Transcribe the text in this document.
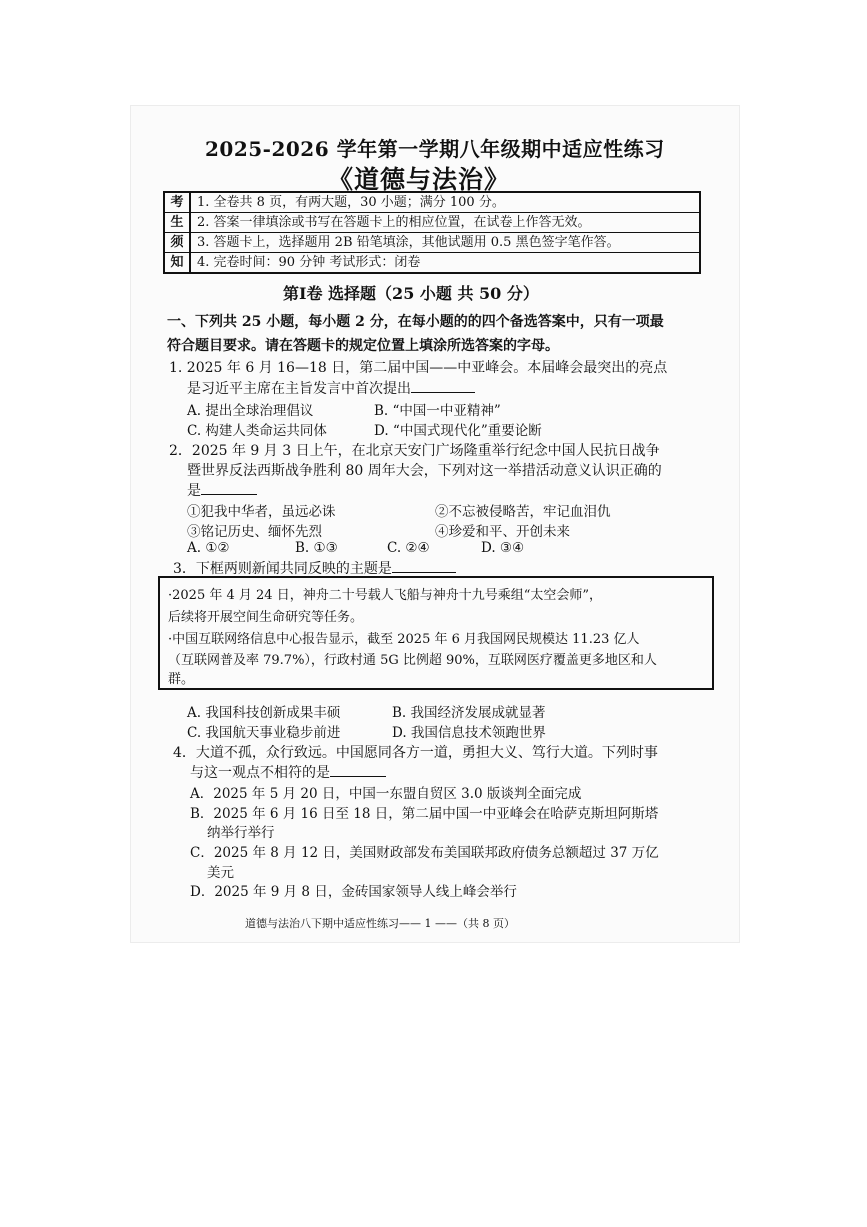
2025-2026 学年第一学期八年级期中适应性练习
《道德与法治》
考	1. 全卷共 8 页，有两大题，30 小题；满分 100 分。
生	2. 答案一律填涂或书写在答题卡上的相应位置，在试卷上作答无效。
须	3. 答题卡上，选择题用 2B 铅笔填涂，其他试题用 0.5 黑色签字笔作答。
知	4. 完卷时间：90 分钟 考试形式：闭卷
第Ⅰ卷 选择题（25 小题 共 50 分）
一、下列共 25 小题，每小题 2 分，在每小题的的四个备选答案中，只有一项最
符合题目要求。请在答题卡的规定位置上填涂所选答案的字母。
1. 2025 年 6 月 16—18 日，第二届中国——中亚峰会。本届峰会最突出的亮点
是习近平主席在主旨发言中首次提出
A. 提出全球治理倡议	B. “中国一中亚精神”
C. 构建人类命运共同体	D. “中国式现代化”重要论断
2．2025 年 9 月 3 日上午，在北京天安门广场隆重举行纪念中国人民抗日战争
暨世界反法西斯战争胜利 80 周年大会，下列对这一举措活动意义认识正确的
是
①犯我中华者，虽远必诛	②不忘被侵略苦，牢记血泪仇
③铭记历史、缅怀先烈	④珍爱和平、开创未来
A. ①②	B. ①③	C. ②④	D. ③④
3．下框两则新闻共同反映的主题是
·2025 年 4 月 24 日，神舟二十号载人飞船与神舟十九号乘组“太空会师”，
后续将开展空间生命研究等任务。
·中国互联网络信息中心报告显示，截至 2025 年 6 月我国网民规模达 11.23 亿人
（互联网普及率 79.7%），行政村通 5G 比例超 90%，互联网医疗覆盖更多地区和人
群。
A. 我国科技创新成果丰硕	B. 我国经济发展成就显著
C. 我国航天事业稳步前进	D. 我国信息技术领跑世界
4．大道不孤，众行致远。中国愿同各方一道，勇担大义、笃行大道。下列时事
与这一观点不相符的是
A．2025 年 5 月 20 日，中国一东盟自贸区 3.0 版谈判全面完成
B．2025 年 6 月 16 日至 18 日，第二届中国一中亚峰会在哈萨克斯坦阿斯塔
纳举行举行
C．2025 年 8 月 12 日，美国财政部发布美国联邦政府债务总额超过 37 万亿
美元
D．2025 年 9 月 8 日，金砖国家领导人线上峰会举行
道德与法治八下期中适应性练习—— 1 ——（共 8 页）
